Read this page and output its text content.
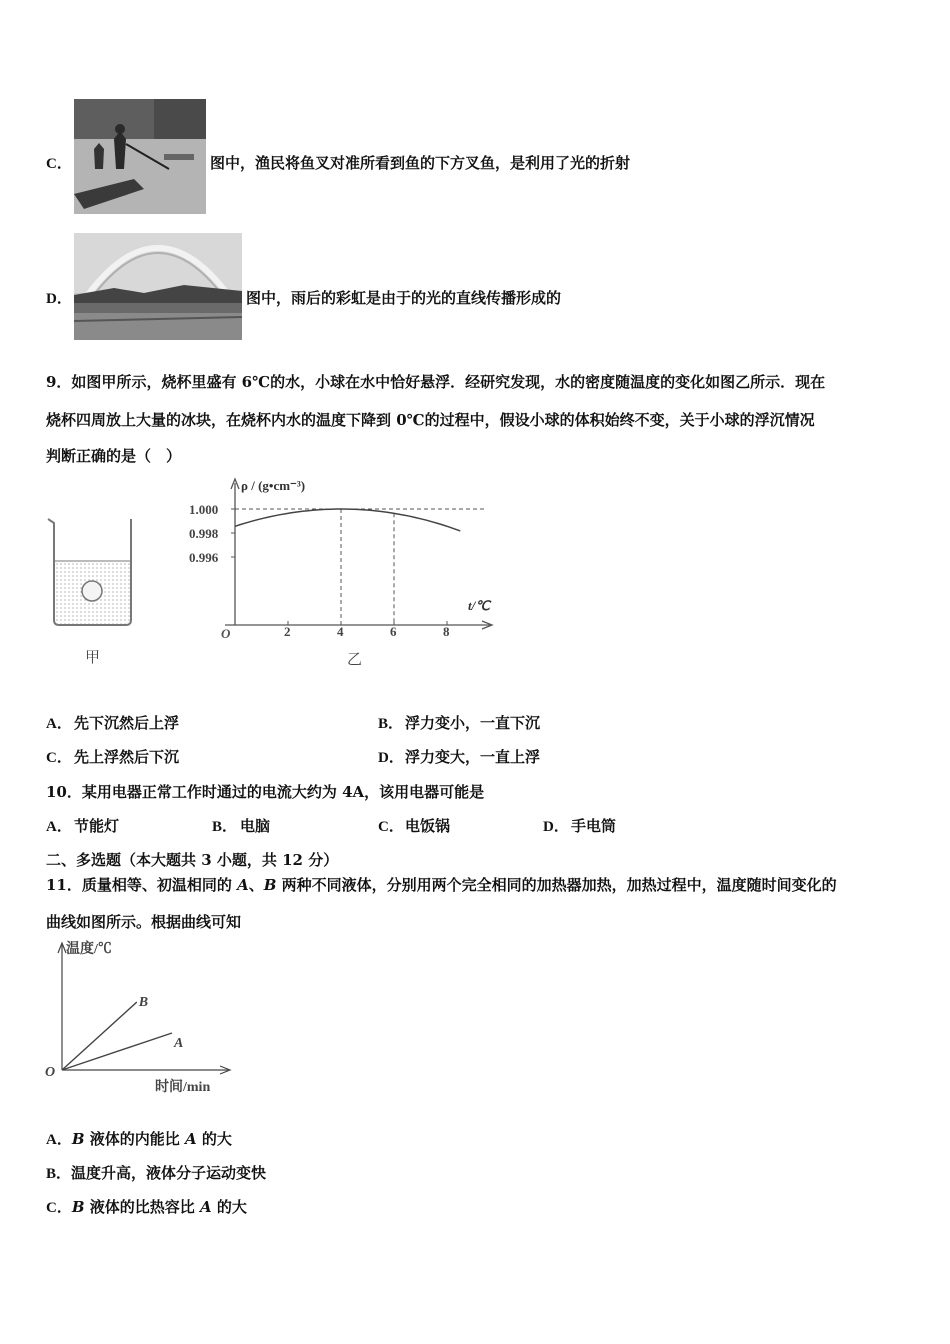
C．	图中，渔民将鱼叉对准所看到鱼的下方叉鱼，是利用了光的折射
D．	图中，雨后的彩虹是由于的光的直线传播形成的
9．如图甲所示，烧杯里盛有 6℃的水，小球在水中恰好悬浮．经研究发现，水的密度随温度的变化如图乙所示．现在
烧杯四周放上大量的冰块，在烧杯内水的温度下降到 0℃的过程中，假设小球的体积始终不变，关于小球的浮沉情况
判断正确的是（　）
甲
ρ / (g•cm⁻³)
t/℃
O
1.000
0.998
0.996
2	4	6	8
乙
A． 先下沉然后上浮	B． 浮力变小，一直下沉
C． 先上浮然后下沉	D． 浮力变大，一直上浮
10．某用电器正常工作时通过的电流大约为 4A，该用电器可能是
A． 节能灯	B． 电脑	C． 电饭锅	D． 手电筒
二、多选题（本大题共 3 小题，共 12 分）
11．质量相等、初温相同的 A、B 两种不同液体，分别用两个完全相同的加热器加热，加热过程中，温度随时间变化的
曲线如图所示。根据曲线可知
温度/℃
时间/min
O
B
A
A．B 液体的内能比 A 的大
B．温度升高，液体分子运动变快
C．B 液体的比热容比 A 的大
